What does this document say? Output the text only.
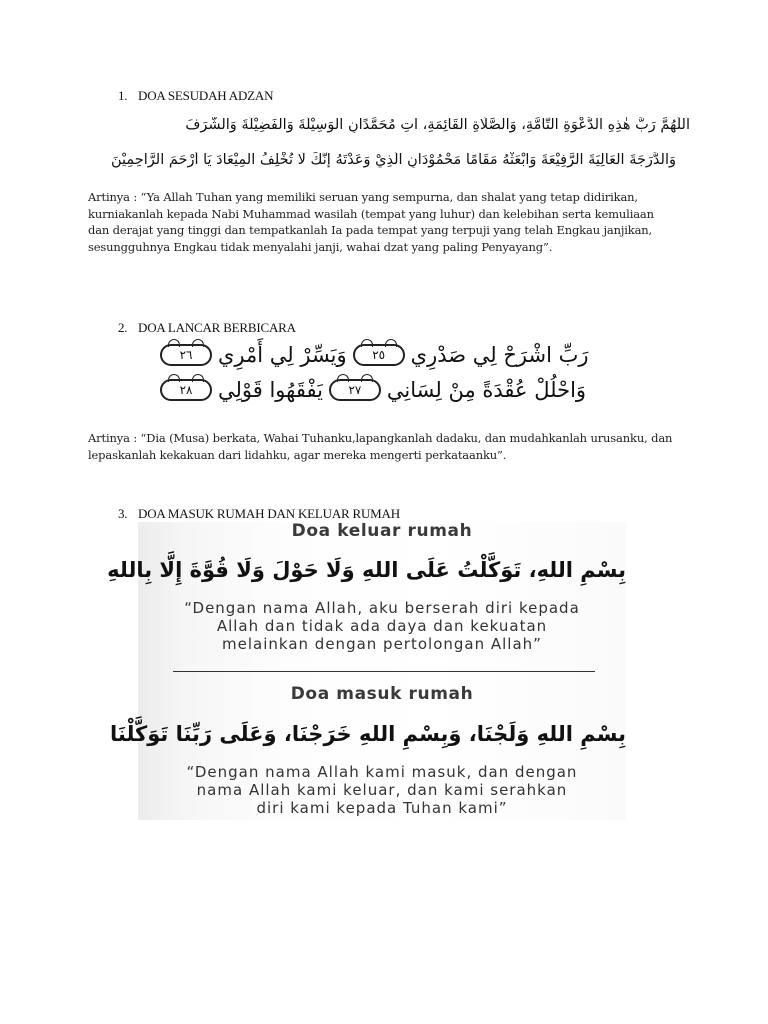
1. DOA SESUDAH ADZAN
اَللّٰهُمَّ رَبَّ هٰذِهِ الدَّعْوَةِ التَّامَّةِ، وَالصَّلَاةِ الْقَائِمَةِ، آتِ مُحَمَّدًانِ الْوَسِيْلَةَ وَالْفَضِيْلَةَ وَالشَّرَفَ
وَالدَّرَجَةَ الْعَالِيَةَ الرَّفِيْعَةَ وَابْعَثْهُ مَقَامًا مَحْمُوْدَانِ الَّذِيْ وَعَدْتَهُ إِنَّكَ لَا تُخْلِفُ الْمِيْعَادَ يَا أَرْحَمَ الرَّاحِمِيْنَ
Artinya : “Ya Allah Tuhan yang memiliki seruan yang sempurna, dan shalat yang tetap didirikan, kurniakanlah kepada Nabi Muhammad wasilah (tempat yang luhur) dan kelebihan serta kemuliaan dan derajat yang tinggi dan tempatkanlah Ia pada tempat yang terpuji yang telah Engkau janjikan, sesungguhnya Engkau tidak menyalahi janji, wahai dzat yang paling Penyayang”.
2. DOA LANCAR BERBICARA
رَبِّ اشْرَحْ لِي صَدْرِي
٢٥
وَيَسِّرْ لِي أَمْرِي
٢٦
وَاحْلُلْ عُقْدَةً مِنْ لِسَانِي
٢٧
يَفْقَهُوا قَوْلِي
٢٨
Artinya : “Dia (Musa) berkata, Wahai Tuhanku,lapangkanlah dadaku, dan mudahkanlah urusanku, dan lepaskanlah kekakuan dari lidahku, agar mereka mengerti perkataanku”.
3. DOA MASUK RUMAH DAN KELUAR RUMAH
Doa keluar rumah
بِسْمِ اللهِ، تَوَكَّلْتُ عَلَى اللهِ وَلَا حَوْلَ وَلَا قُوَّةَ إِلَّا بِاللهِ
“Dengan nama Allah, aku berserah diri kepada
Allah dan tidak ada daya dan kekuatan
melainkan dengan pertolongan Allah”
Doa masuk rumah
بِسْمِ اللهِ وَلَجْنَا، وَبِسْمِ اللهِ خَرَجْنَا، وَعَلَى رَبِّنَا تَوَكَّلْنَا
“Dengan nama Allah kami masuk, dan dengan
nama Allah kami keluar, dan kami serahkan
diri kami kepada Tuhan kami”
